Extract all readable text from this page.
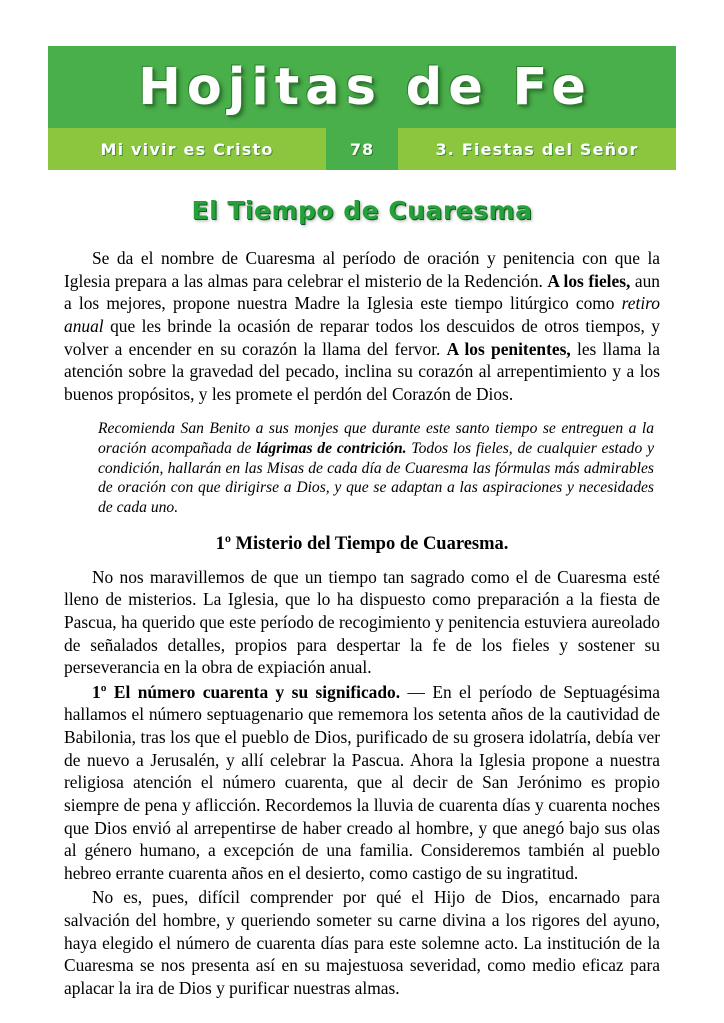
Hojitas de Fe
Mi vivir es Cristo	78	3. Fiestas del Señor
El Tiempo de Cuaresma

Se da el nombre de Cuaresma al período de oración y penitencia con que la Iglesia prepara a las almas para celebrar el misterio de la Redención. A los fieles, aun a los mejores, propone nuestra Madre la Iglesia este tiempo litúrgico como retiro anual que les brinde la ocasión de reparar todos los descuidos de otros tiempos, y volver a encender en su corazón la llama del fervor. A los penitentes, les llama la atención sobre la gravedad del pecado, inclina su corazón al arrepentimiento y a los buenos propósitos, y les promete el perdón del Corazón de Dios.

Recomienda San Benito a sus monjes que durante este santo tiempo se entreguen a la oración acompañada de lágrimas de contrición. Todos los fieles, de cualquier estado y condición, hallarán en las Misas de cada día de Cuaresma las fórmulas más admirables de oración con que dirigirse a Dios, y que se adaptan a las aspiraciones y necesidades de cada uno.

1º Misterio del Tiempo de Cuaresma.

No nos maravillemos de que un tiempo tan sagrado como el de Cuaresma esté lleno de misterios. La Iglesia, que lo ha dispuesto como preparación a la fiesta de Pascua, ha querido que este período de recogimiento y penitencia estuviera aureolado de señalados detalles, propios para despertar la fe de los fieles y sostener su perseverancia en la obra de expiación anual.

1º El número cuarenta y su significado. — En el período de Septuagésima hallamos el número septuagenario que rememora los setenta años de la cautividad de Babilonia, tras los que el pueblo de Dios, purificado de su grosera idolatría, debía ver de nuevo a Jerusalén, y allí celebrar la Pascua. Ahora la Iglesia propone a nuestra religiosa atención el número cuarenta, que al decir de San Jerónimo es propio siempre de pena y aflicción. Recordemos la lluvia de cuarenta días y cuarenta noches que Dios envió al arrepentirse de haber creado al hombre, y que anegó bajo sus olas al género humano, a excepción de una familia. Consideremos también al pueblo hebreo errante cuarenta años en el desierto, como castigo de su ingratitud.

No es, pues, difícil comprender por qué el Hijo de Dios, encarnado para salvación del hombre, y queriendo someter su carne divina a los rigores del ayuno, haya elegido el número de cuarenta días para este solemne acto. La institución de la Cuaresma se nos presenta así en su majestuosa severidad, como medio eficaz para aplacar la ira de Dios y purificar nuestras almas.
